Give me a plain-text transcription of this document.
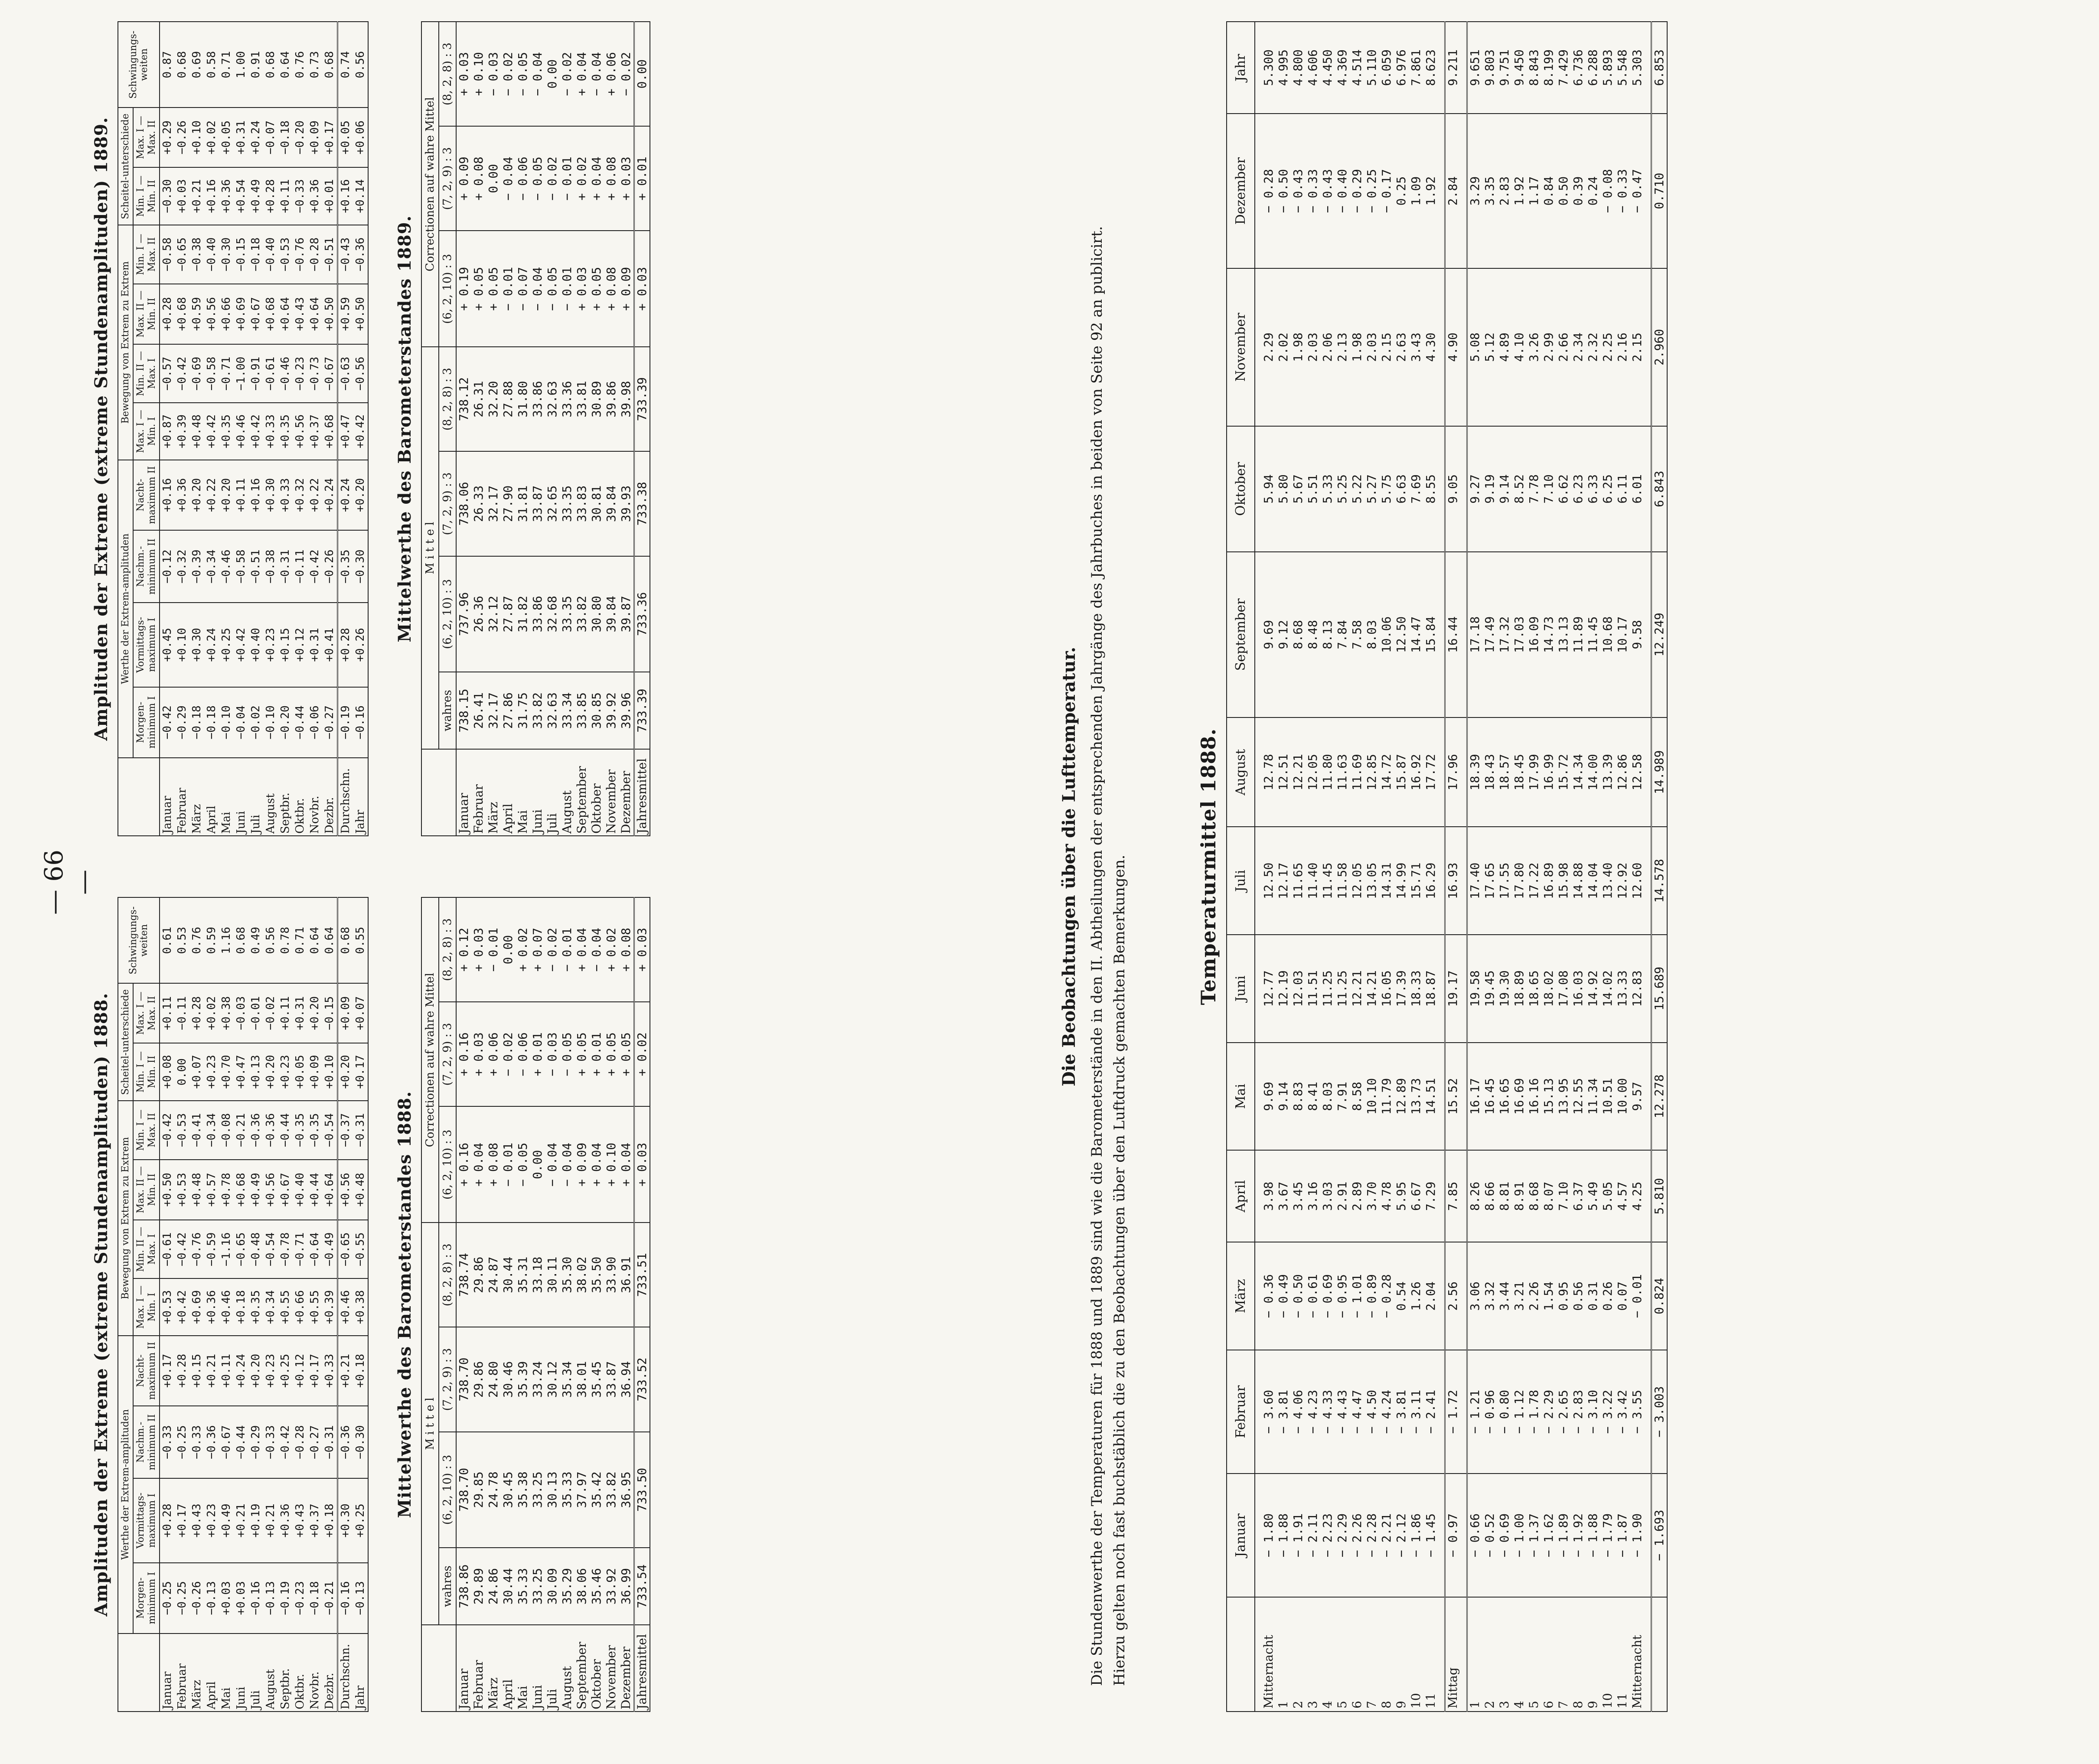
— 66 —
Amplituden der Extreme (extreme Stundenamplituden) 1888.
	Werthe der Extrem-amplituden				Bewegung von Extrem zu Extrem				Scheitel-unterschiede		Schwingungs-weiten
	Morgen-minimum I	Vormittags-maximum I	Nachm.-minimum II	Nacht-maximum II	Max. I — Min. I	Min. II — Max. I	Max. II — Min. II	Min. I — Max. II	Min. I — Min. II	Max. I — Max. II	
Januar	−0.25	+0.28	−0.33	+0.17	+0.53	−0.61	+0.50	−0.42	+0.08	+0.11	0.61
Februar	−0.25	+0.17	−0.25	+0.28	+0.42	−0.42	+0.53	−0.53	0.00	−0.11	0.53
März	−0.26	+0.43	−0.33	+0.15	+0.69	−0.76	+0.48	−0.41	+0.07	+0.28	0.76
April	−0.13	+0.23	−0.36	+0.21	+0.36	−0.59	+0.57	−0.34	+0.23	+0.02	0.59
Mai	+0.03	+0.49	−0.67	+0.11	+0.46	−1.16	+0.78	−0.08	+0.70	+0.38	1.16
Juni	+0.03	+0.21	−0.44	+0.24	+0.18	−0.65	+0.68	−0.21	+0.47	−0.03	0.68
Juli	−0.16	+0.19	−0.29	+0.20	+0.35	−0.48	+0.49	−0.36	+0.13	−0.01	0.49
August	−0.13	+0.21	−0.33	+0.23	+0.34	−0.54	+0.56	−0.36	+0.20	−0.02	0.56
Septbr.	−0.19	+0.36	−0.42	+0.25	+0.55	−0.78	+0.67	−0.44	+0.23	+0.11	0.78
Oktbr.	−0.23	+0.43	−0.28	+0.12	+0.66	−0.71	+0.40	−0.35	+0.05	+0.31	0.71
Novbr.	−0.18	+0.37	−0.27	+0.17	+0.55	−0.64	+0.44	−0.35	+0.09	+0.20	0.64
Dezbr.	−0.21	+0.18	−0.31	+0.33	+0.39	−0.49	+0.64	−0.54	+0.10	−0.15	0.64
Durchschn.	−0.16	+0.30	−0.36	+0.21	+0.46	−0.65	+0.56	−0.37	+0.20	+0.09	0.68
Jahr	−0.13	+0.25	−0.30	+0.18	+0.38	−0.55	+0.48	−0.31	+0.17	+0.07	0.55
Mittelwerthe des Barometerstandes 1888.
	M i t t e l				Correctionen auf wahre Mittel		
	wahres	(6, 2, 10) : 3	(7, 2, 9) : 3	(8, 2, 8) : 3	(6, 2, 10) : 3	(7, 2, 9) : 3	(8, 2, 8) : 3
Januar	738.86	738.70	738.70	738.74	+ 0.16	+ 0.16	+ 0.12
Februar	29.89	29.85	29.86	29.86	+ 0.04	+ 0.03	+ 0.03
März	24.86	24.78	24.80	24.87	+ 0.08	+ 0.06	− 0.01
April	30.44	30.45	30.46	30.44	− 0.01	− 0.02	0.00
Mai	35.33	35.38	35.39	35.31	− 0.05	− 0.06	+ 0.02
Juni	33.25	33.25	33.24	33.18	0.00	+ 0.01	+ 0.07
Juli	30.09	30.13	30.12	30.11	− 0.04	− 0.03	− 0.02
August	35.29	35.33	35.34	35.30	− 0.04	− 0.05	− 0.01
September	38.06	37.97	38.01	38.02	+ 0.09	+ 0.05	+ 0.04
Oktober	35.46	35.42	35.45	35.50	+ 0.04	+ 0.01	− 0.04
November	33.92	33.82	33.87	33.90	+ 0.10	+ 0.05	+ 0.02
Dezember	36.99	36.95	36.94	36.91	+ 0.04	+ 0.05	+ 0.08
Jahresmittel	733.54	733.50	733.52	733.51	+ 0.03	+ 0.02	+ 0.03
Amplituden der Extreme (extreme Stundenamplituden) 1889.
	Werthe der Extrem-amplituden				Bewegung von Extrem zu Extrem				Scheitel-unterschiede		Schwingungs-weiten
	Morgen-minimum I	Vormittags-maximum I	Nachm.-minimum II	Nacht-maximum II	Max. I — Min. I	Min. II — Max. I	Max. II — Min. II	Min. I — Max. II	Min. I — Min. II	Max. I — Max. II	
Januar	−0.42	+0.45	−0.12	+0.16	+0.87	−0.57	+0.28	−0.58	−0.30	+0.29	0.87
Februar	−0.29	+0.10	−0.32	+0.36	+0.39	−0.42	+0.68	−0.65	+0.03	−0.26	0.68
März	−0.18	+0.30	−0.39	+0.20	+0.48	−0.69	+0.59	−0.38	+0.21	+0.10	0.69
April	−0.18	+0.24	−0.34	+0.22	+0.42	−0.58	+0.56	−0.40	+0.16	+0.02	0.58
Mai	−0.10	+0.25	−0.46	+0.20	+0.35	−0.71	+0.66	−0.30	+0.36	+0.05	0.71
Juni	−0.04	+0.42	−0.58	+0.11	+0.46	−1.00	+0.69	−0.15	+0.54	+0.31	1.00
Juli	−0.02	+0.40	−0.51	+0.16	+0.42	−0.91	+0.67	−0.18	+0.49	+0.24	0.91
August	−0.10	+0.23	−0.38	+0.30	+0.33	−0.61	+0.68	−0.40	+0.28	−0.07	0.68
Septbr.	−0.20	+0.15	−0.31	+0.33	+0.35	−0.46	+0.64	−0.53	+0.11	−0.18	0.64
Oktbr.	−0.44	+0.12	−0.11	+0.32	+0.56	−0.23	+0.43	−0.76	−0.33	−0.20	0.76
Novbr.	−0.06	+0.31	−0.42	+0.22	+0.37	−0.73	+0.64	−0.28	+0.36	+0.09	0.73
Dezbr.	−0.27	+0.41	−0.26	+0.24	+0.68	−0.67	+0.50	−0.51	+0.01	+0.17	0.68
Durchschn.	−0.19	+0.28	−0.35	+0.24	+0.47	−0.63	+0.59	−0.43	+0.16	+0.05	0.74
Jahr	−0.16	+0.26	−0.30	+0.20	+0.42	−0.56	+0.50	−0.36	+0.14	+0.06	0.56
Mittelwerthe des Barometerstandes 1889.
	M i t t e l				Correctionen auf wahre Mittel		
	wahres	(6, 2, 10) : 3	(7, 2, 9) : 3	(8, 2, 8) : 3	(6, 2, 10) : 3	(7, 2, 9) : 3	(8, 2, 8) : 3
Januar	738.15	737.96	738.06	738.12	+ 0.19	+ 0.09	+ 0.03
Februar	26.41	26.36	26.33	26.31	+ 0.05	+ 0.08	+ 0.10
März	32.17	32.12	32.17	32.20	+ 0.05	0.00	− 0.03
April	27.86	27.87	27.90	27.88	− 0.01	− 0.04	− 0.02
Mai	31.75	31.82	31.81	31.80	− 0.07	− 0.06	− 0.05
Juni	33.82	33.86	33.87	33.86	− 0.04	− 0.05	− 0.04
Juli	32.63	32.68	32.65	32.63	− 0.05	− 0.02	0.00
August	33.34	33.35	33.35	33.36	− 0.01	− 0.01	− 0.02
September	33.85	33.82	33.83	33.81	+ 0.03	+ 0.02	+ 0.04
Oktober	30.85	30.80	30.81	30.89	+ 0.05	+ 0.04	− 0.04
November	39.92	39.84	39.84	39.86	+ 0.08	+ 0.08	+ 0.06
Dezember	39.96	39.87	39.93	39.98	+ 0.09	+ 0.03	− 0.02
Jahresmittel	733.39	733.36	733.38	733.39	+ 0.03	+ 0.01	0.00
Die Beobachtungen über die Lufttemperatur. Die Stundenwerthe der Temperaturen für 1888 und 1889 sind wie die Barometerstände in den II. Abtheilungen der entsprechenden Jahrgänge des Jahrbuches in beiden von Seite 92 an publicirt. Hierzu gelten noch fast buchstäblich die zu den Beobachtungen über den Luftdruck gemachten Bemerkungen.	Temperaturmittel 1888.
	Januar	Februar	März	April	Mai	Juni	Juli	August	September	Oktober	November	Dezember	Jahr

Mitternacht	− 1.80	− 3.60	− 0.36	3.98	9.69	12.77	12.50	12.78	9.69	5.94	2.29	− 0.28	5.300
1	− 1.88	− 3.81	− 0.49	3.67	9.14	12.19	12.17	12.51	9.12	5.80	2.02	− 0.50	4.995
2	− 1.91	− 4.06	− 0.50	3.45	8.83	12.03	11.65	12.21	8.68	5.67	1.98	− 0.43	4.800
3	− 2.11	− 4.23	− 0.61	3.16	8.41	11.51	11.40	12.05	8.48	5.51	2.03	− 0.33	4.606
4	− 2.23	− 4.33	− 0.69	3.03	8.03	11.25	11.45	11.80	8.13	5.33	2.06	− 0.43	4.450
5	− 2.29	− 4.43	− 0.95	2.91	7.91	11.25	11.58	11.63	7.84	5.25	2.13	− 0.40	4.369
6	− 2.26	− 4.47	− 1.01	2.89	8.58	12.21	12.05	11.69	7.58	5.22	1.98	− 0.29	4.514
7	− 2.28	− 4.50	− 0.89	3.70	10.10	14.21	13.05	12.85	8.03	5.27	2.03	− 0.25	5.110
8	− 2.21	− 4.24	− 0.28	4.78	11.79	16.05	14.31	14.72	10.06	5.75	2.15	− 0.17	6.059
9	− 2.12	− 3.81	0.54	5.95	12.89	17.39	14.99	15.87	12.50	6.63	2.63	0.25	6.976
10	− 1.86	− 3.11	1.26	6.67	13.73	18.33	15.71	16.92	14.47	7.69	3.43	1.09	7.861
11	− 1.45	− 2.41	2.04	7.29	14.51	18.87	16.29	17.72	15.84	8.55	4.30	1.92	8.623

Mittag	− 0.97	− 1.72	2.56	7.85	15.52	19.17	16.93	17.96	16.44	9.05	4.90	2.84	9.211

1	− 0.66	− 1.21	3.06	8.26	16.17	19.58	17.40	18.39	17.18	9.27	5.08	3.29	9.651
2	− 0.52	− 0.96	3.32	8.66	16.45	19.45	17.65	18.43	17.49	9.19	5.12	3.35	9.803
3	− 0.69	− 0.80	3.44	8.81	16.65	19.30	17.55	18.57	17.32	9.14	4.89	2.83	9.751
4	− 1.00	− 1.12	3.21	8.91	16.69	18.89	17.80	18.45	17.03	8.52	4.10	1.92	9.450
5	− 1.37	− 1.78	2.26	8.68	16.16	18.65	17.22	17.99	16.09	7.78	3.26	1.17	8.843
6	− 1.62	− 2.29	1.54	8.07	15.13	18.02	16.89	16.99	14.73	7.10	2.99	0.84	8.199
7	− 1.89	− 2.65	0.95	7.10	13.95	17.08	15.98	15.72	13.13	6.62	2.66	0.50	7.429
8	− 1.92	− 2.83	0.56	6.37	12.55	16.03	14.88	14.34	11.89	6.23	2.34	0.39	6.736
9	− 1.88	− 3.10	0.31	5.49	11.34	14.92	14.04	14.00	11.45	6.33	2.32	0.24	6.288
10	− 1.79	− 3.22	0.26	5.05	10.51	14.02	13.40	13.39	10.68	6.25	2.25	− 0.08	5.893
11	− 1.87	− 3.42	0.07	4.57	10.00	13.33	12.92	12.86	10.17	6.11	2.16	− 0.33	5.548
Mitternacht	− 1.90	− 3.55	− 0.01	4.25	9.57	12.83	12.60	12.58	9.58	6.01	2.15	− 0.47	5.303

	− 1.693	− 3.003	0.824	5.810	12.278	15.689	14.578	14.989	12.249	6.843	2.960	0.710	6.853
